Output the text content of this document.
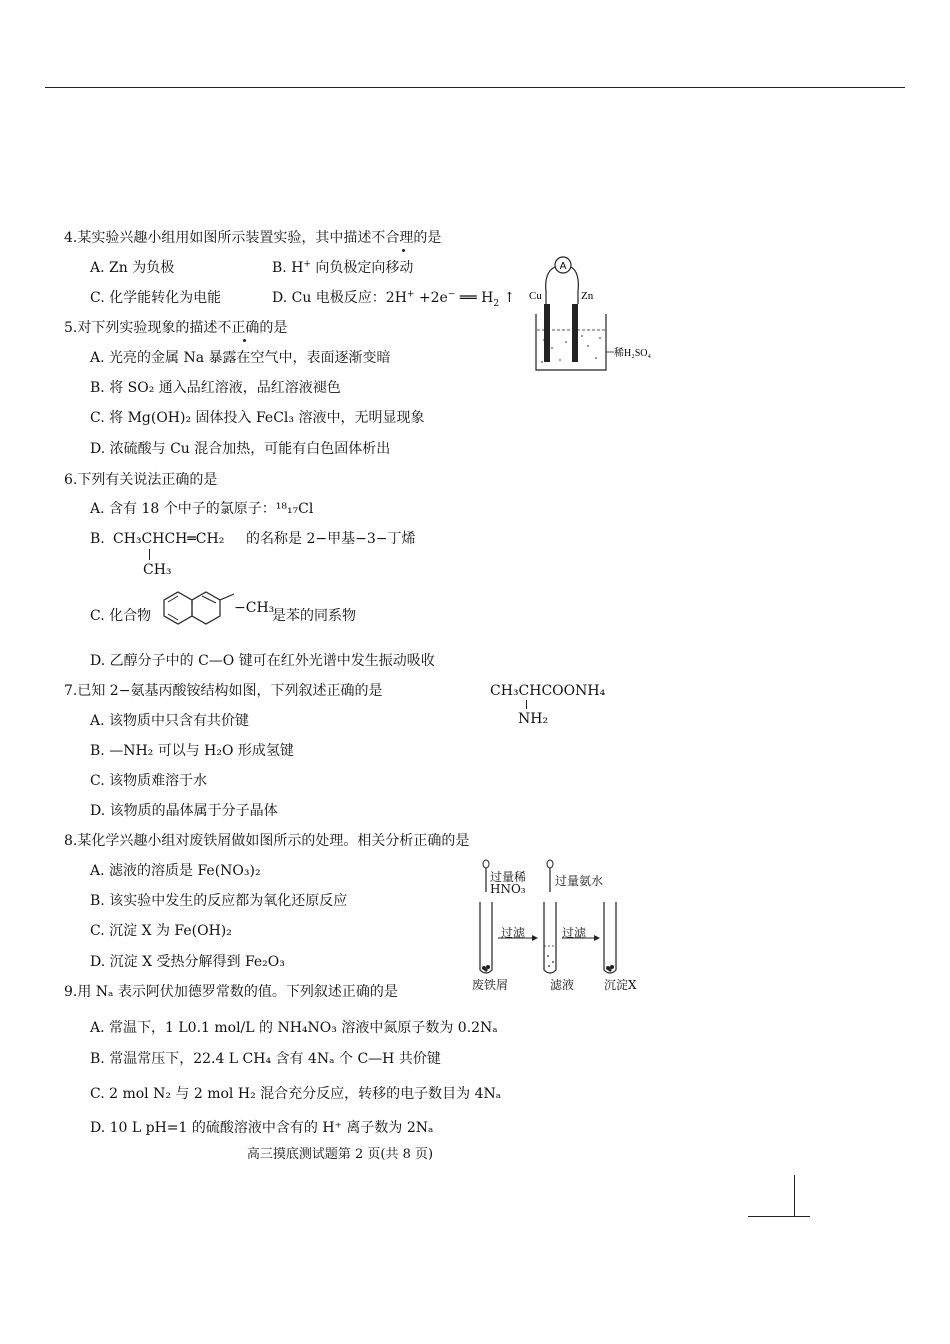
4.某实验兴趣小组用如图所示装置实验，其中描述不合理的是
A. Zn 为负极	B. H+ 向负极定向移动
C. 化学能转化为电能	D. Cu 电极反应：2H+ +2e− ══ $H_2$ ↑
A
Cu	Zn
稀H₂SO₄
5.对下列实验现象的描述不正确的是
A. 光亮的金属 Na 暴露在空气中，表面逐渐变暗
B. 将 SO₂ 通入品红溶液，品红溶液褪色
C. 将 Mg(OH)₂ 固体投入 FeCl₃ 溶液中，无明显现象
D. 浓硫酸与 Cu 混合加热，可能有白色固体析出
6.下列有关说法正确的是
A. 含有 18 个中子的氯原子：¹⁸₁₇Cl
B. CH₃CHCH═CH₂
CH₃
的名称是 2−甲基−3−丁烯
C. 化合物	−CH₃
是苯的同系物
D. 乙醇分子中的 C—O 键可在红外光谱中发生振动吸收
7.已知 2−氨基丙酸铵结构如图，下列叙述正确的是	CH₃CHCOONH₄
NH₂
A. 该物质中只含有共价键
B. —NH₂ 可以与 H₂O 形成氢键
C. 该物质难溶于水
D. 该物质的晶体属于分子晶体
8.某化学兴趣小组对废铁屑做如图所示的处理。相关分析正确的是
A. 滤液的溶质是 Fe(NO₃)₂
B. 该实验中发生的反应都为氧化还原反应
C. 沉淀 X 为 Fe(OH)₂
D. 沉淀 X 受热分解得到 Fe₂O₃
过量稀
HNO₃
过量氨水
过滤	过滤
废铁屑	滤液 沉淀X
9.用 Nₐ 表示阿伏加德罗常数的值。下列叙述正确的是
A. 常温下，1 L0.1 mol/L 的 NH₄NO₃ 溶液中氮原子数为 0.2Nₐ
B. 常温常压下，22.4 L CH₄ 含有 4Nₐ 个 C—H 共价键
C. 2 mol N₂ 与 2 mol H₂ 混合充分反应，转移的电子数目为 4Nₐ
D. 10 L pH=1 的硫酸溶液中含有的 H⁺ 离子数为 2Nₐ
高三摸底测试题第 2 页(共 8 页)
